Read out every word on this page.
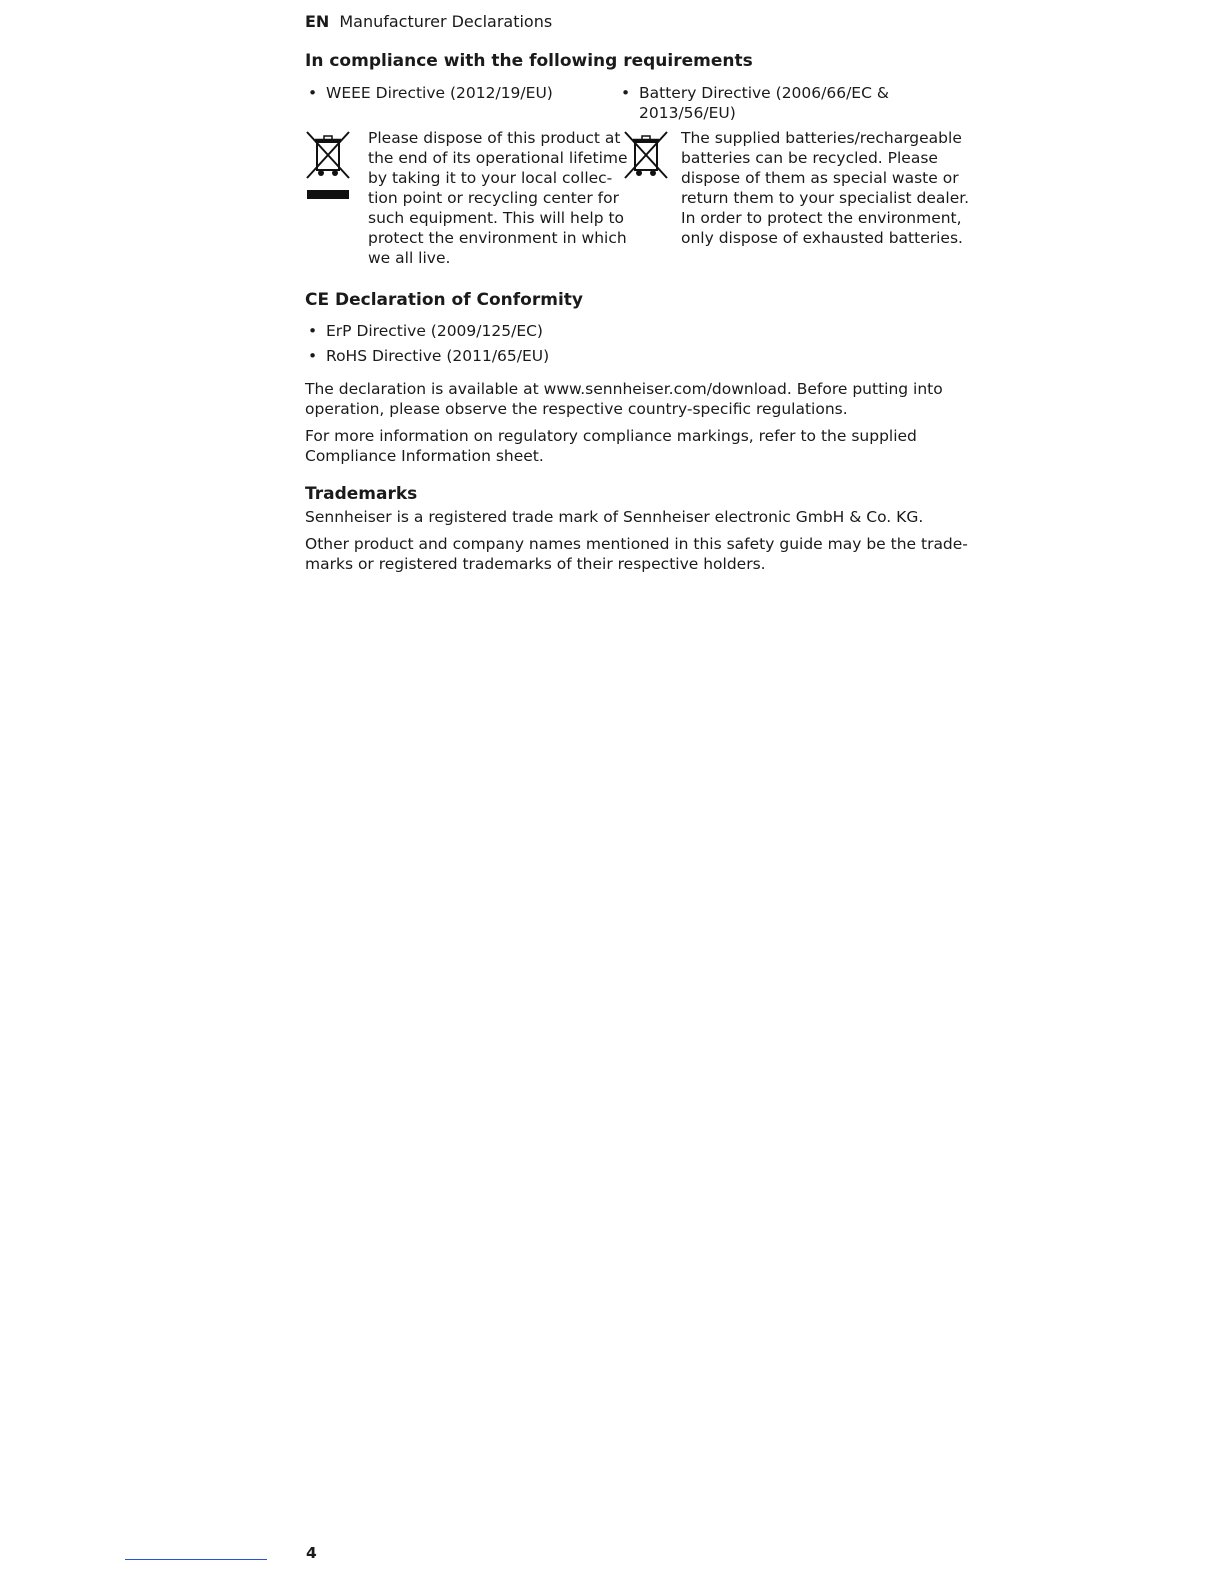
EN Manufacturer Declarations
In compliance with the following requirements
• WEEE Directive (2012/19/EU)
Please dispose of this product at
the end of its operational lifetime
by taking it to your local collec-
tion point or recycling center for
such equipment. This will help to
protect the environment in which
we all live.
• Battery Directive (2006/66/EC &
2013/56/EU)
The supplied batteries/rechargeable
batteries can be recycled. Please
dispose of them as special waste or
return them to your specialist dealer.
In order to protect the environment,
only dispose of exhausted batteries.
CE Declaration of Conformity
• ErP Directive (2009/125/EC)
• RoHS Directive (2011/65/EU)
The declaration is available at www.sennheiser.com/download. Before putting into
operation, please observe the respective country-specific regulations.
For more information on regulatory compliance markings, refer to the supplied
Compliance Information sheet.
Trademarks
Sennheiser is a registered trade mark of Sennheiser electronic GmbH & Co. KG.
Other product and company names mentioned in this safety guide may be the trade-
marks or registered trademarks of their respective holders.
4
